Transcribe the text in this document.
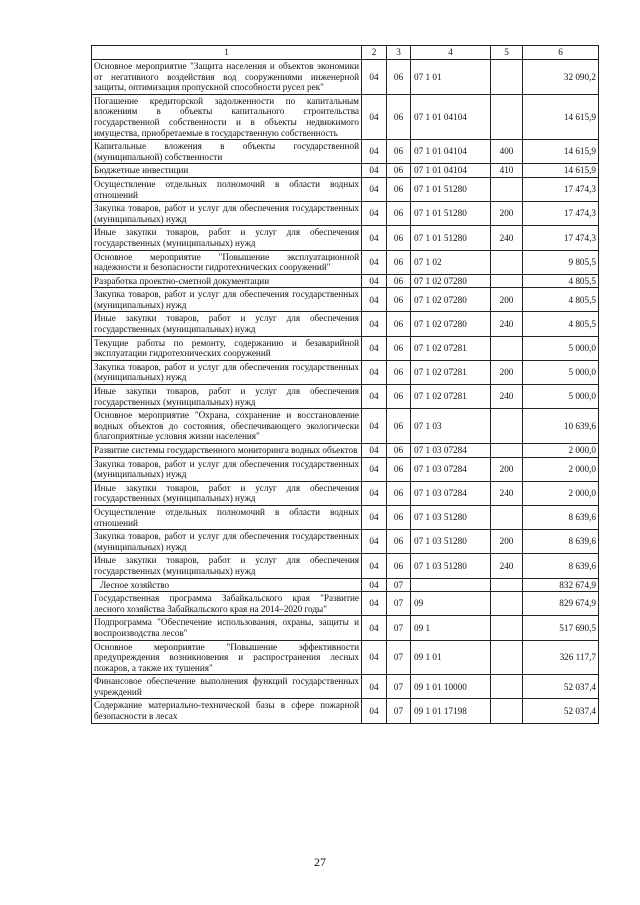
1	2	3	4	5	6
Основное мероприятие "Защита населения и объектов экономики от негативного воздействия вод сооружениями инженерной защиты, оптимизация пропускной способности русел рек"	04	06	07 1 01		32 090,2
Погашение кредиторской задолженности по капитальным вложениям в объекты капитального строительства государственной собственности и в объекты недвижимого имущества, приобретаемые в государственную собственность	04	06	07 1 01 04104		14 615,9
Капитальные вложения в объекты государственной (муниципальной) собственности	04	06	07 1 01 04104	400	14 615,9
Бюджетные инвестиции	04	06	07 1 01 04104	410	14 615,9
Осуществление отдельных полномочий в области водных отношений	04	06	07 1 01 51280		17 474,3
Закупка товаров, работ и услуг для обеспечения государственных (муниципальных) нужд	04	06	07 1 01 51280	200	17 474,3
Иные закупки товаров, работ и услуг для обеспечения государственных (муниципальных) нужд	04	06	07 1 01 51280	240	17 474,3
Основное мероприятие "Повышение эксплуатационной надежности и безопасности гидротехнических сооружений"	04	06	07 1 02		9 805,5
Разработка проектно-сметной документации	04	06	07 1 02 07280		4 805,5
Закупка товаров, работ и услуг для обеспечения государственных (муниципальных) нужд	04	06	07 1 02 07280	200	4 805,5
Иные закупки товаров, работ и услуг для обеспечения государственных (муниципальных) нужд	04	06	07 1 02 07280	240	4 805,5
Текущие работы по ремонту, содержанию и безаварийной эксплуатации гидротехнических сооружений	04	06	07 1 02 07281		5 000,0
Закупка товаров, работ и услуг для обеспечения государственных (муниципальных) нужд	04	06	07 1 02 07281	200	5 000,0
Иные закупки товаров, работ и услуг для обеспечения государственных (муниципальных) нужд	04	06	07 1 02 07281	240	5 000,0
Основное мероприятие "Охрана, сохранение и восстановление водных объектов до состояния, обеспечивающего экологически благоприятные условия жизни населения"	04	06	07 1 03		10 639,6
Развитие системы государственного мониторинга водных объектов	04	06	07 1 03 07284		2 000,0
Закупка товаров, работ и услуг для обеспечения государственных (муниципальных) нужд	04	06	07 1 03 07284	200	2 000,0
Иные закупки товаров, работ и услуг для обеспечения государственных (муниципальных) нужд	04	06	07 1 03 07284	240	2 000,0
Осуществление отдельных полномочий в области водных отношений	04	06	07 1 03 51280		8 639,6
Закупка товаров, работ и услуг для обеспечения государственных (муниципальных) нужд	04	06	07 1 03 51280	200	8 639,6
Иные закупки товаров, работ и услуг для обеспечения государственных (муниципальных) нужд	04	06	07 1 03 51280	240	8 639,6
Лесное хозяйство	04	07			832 674,9
Государственная программа Забайкальского края "Развитие лесного хозяйства Забайкальского края на 2014–2020 годы"	04	07	09		829 674,9
Подпрограмма "Обеспечение использования, охраны, защиты и воспроизводства лесов"	04	07	09 1		517 690,5
Основное мероприятие "Повышение эффективности предупреждения возникновения и распространения лесных пожаров, а также их тушения"	04	07	09 1 01		326 117,7
Финансовое обеспечение выполнения функций государственных учреждений	04	07	09 1 01 10000		52 037,4
Содержание материально-технической базы в сфере пожарной безопасности в лесах	04	07	09 1 01 17198		52 037,4
27
